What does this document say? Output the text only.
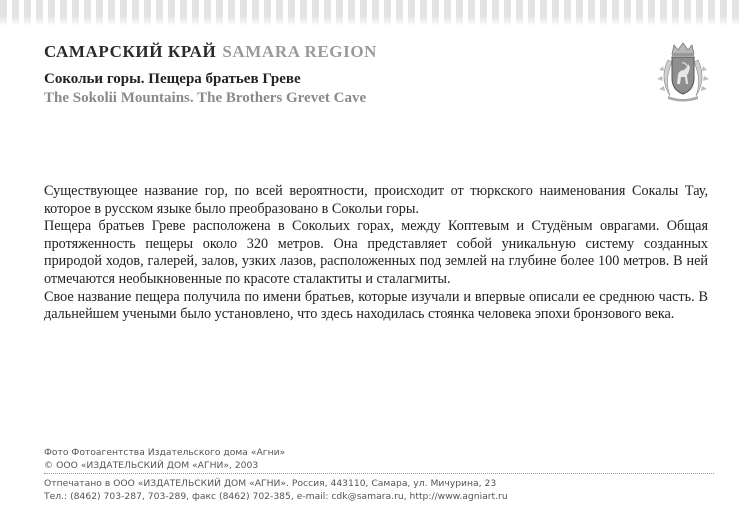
САМАРСКИЙ КРАЙ SAMARA REGION
Сокольи горы. Пещера братьев Греве
The Sokolii Mountains. The Brothers Grevet Cave

Существующее название гор, по всей вероятности, происходит от тюркского наименования Сокалы Тау, которое в русском языке было преобразовано в Сокольи горы.

Пещера братьев Греве расположена в Сокольих горах, между Коптевым и Студёным оврагами. Общая протяженность пещеры около 320 метров. Она представляет собой уникальную систему созданных природой ходов, галерей, залов, узких лазов, расположенных под землей на глубине более 100 метров. В ней отмечаются необыкновенные по красоте сталактиты и сталагмиты.

Свое название пещера получила по имени братьев, которые изучали и впервые описали ее среднюю часть. В дальнейшем учеными было установлено, что здесь находилась стоянка человека эпохи бронзового века.

Фото Фотоагентства Издательского дома «Агни»

© ООО «ИЗДАТЕЛЬСКИЙ ДОМ «АГНИ», 2003

Отпечатано в ООО «ИЗДАТЕЛЬСКИЙ ДОМ «АГНИ». Россия, 443110, Самара, ул. Мичурина, 23

Тел.: (8462) 703-287, 703-289, факс (8462) 702-385, e-mail: cdk@samara.ru, http://www.agniart.ru
